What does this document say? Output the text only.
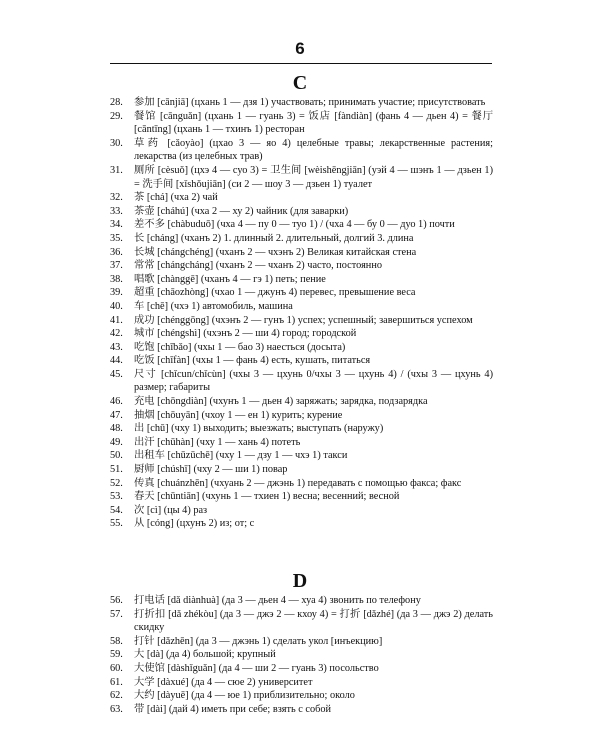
6
C
28. 参加 [cānjiā] (цхань 1 — дзя 1) участвовать; принимать участие; присутствовать
29. 餐馆 [cānguǎn] (цхань 1 — гуань 3) = 饭店 [fàndiàn] (фань 4 — дьен 4) = 餐厅 [cāntīng] (цхань 1 — тхинъ 1) ресторан
30. 草药 [cǎoyào] (цхао 3 — яо 4) целебные травы; лекарственные растения; лекарства (из целебных трав)
31. 厕所 [cèsuǒ] (цхэ 4 — суо 3) = 卫生间 [wèishēngjiān] (уэй 4 — шэнъ 1 — дзьен 1) = 洗手间 [xǐshǒujiān] (си 2 — шоу 3 — дзьен 1) туалет
32. 茶 [chá] (чха 2) чай
33. 茶壶 [cháhú] (чха 2 — ху 2) чайник (для заварки)
34. 差不多 [chàbuduō] (чха 4 — пу 0 — туо 1) / (чха 4 — бу 0 — дуо 1) почти
35. 长 [cháng] (чханъ 2) 1. длинный 2. длительный, долгий 3. длина
36. 长城 [chángchéng] (чханъ 2 — чхэнъ 2) Великая китайская стена
37. 常常 [chángcháng] (чханъ 2 — чханъ 2) часто, постоянно
38. 唱歌 [chànggē] (чханъ 4 — гэ 1) петь; пение
39. 超重 [chāozhòng] (чхао 1 — джунъ 4) перевес, превышение веса
40. 车 [chē] (чхэ 1) автомобиль, машина
41. 成功 [chénggōng] (чхэнъ 2 — гунъ 1) успех; успешный; завершиться успехом
42. 城市 [chéngshì] (чхэнъ 2 — ши 4) город; городской
43. 吃饱 [chībǎo] (чхы 1 — бао 3) наесться (досыта)
44. 吃饭 [chīfàn] (чхы 1 — фань 4) есть, кушать, питаться
45. 尺寸 [chǐcun/chǐcùn] (чхы 3 — цхунь 0/чхы 3 — цхунь 4) / (чхы 3 — цхунь 4) размер; габариты
46. 充电 [chōngdiàn] (чхунъ 1 — дьен 4) заряжать; зарядка, подзарядка
47. 抽烟 [chōuyān] (чхоу 1 — ен 1) курить; курение
48. 出 [chū] (чху 1) выходить; выезжать; выступать (наружу)
49. 出汗 [chūhàn] (чху 1 — хань 4) потеть
50. 出租车 [chūzūchē] (чху 1 — дзу 1 — чхэ 1) такси
51. 厨师 [chúshī] (чху 2 — ши 1) повар
52. 传真 [chuánzhēn] (чхуань 2 — джэнь 1) передавать с помощью факса; факс
53. 春天 [chūntiān] (чхунь 1 — тхиен 1) весна; весенний; весной
54. 次 [cì] (цы 4) раз
55. 从 [cóng] (цхунъ 2) из; от; с
D
56. 打电话 [dǎ diànhuà] (да 3 — дьен 4 — хуа 4) звонить по телефону
57. 打折扣 [dǎ zhékòu] (да 3 — джэ 2 — кхоу 4) = 打折 [dǎzhé] (да 3 — джэ 2) делать скидку
58. 打针 [dǎzhēn] (да 3 — джэнь 1) сделать укол [инъекцию]
59. 大 [dà] (да 4) большой; крупный
60. 大使馆 [dàshǐguǎn] (да 4 — ши 2 — гуань 3) посольство
61. 大学 [dàxué] (да 4 — сюе 2) университет
62. 大约 [dàyuē] (да 4 — юе 1) приблизительно; около
63. 带 [dài] (дай 4) иметь при себе; взять с собой
